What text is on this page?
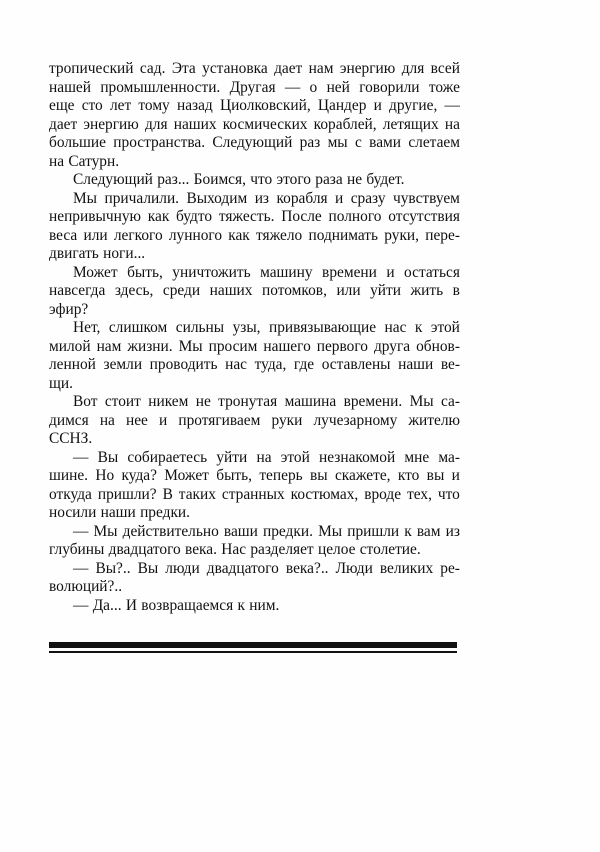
тропический сад. Эта установка дает нам энергию для всей
нашей промышленности. Другая — о ней говорили тоже
еще сто лет тому назад Циолковский, Цандер и другие, —
дает энергию для наших космических кораблей, летящих на
большие пространства. Следующий раз мы с вами слетаем
на Сатурн.
Следующий раз... Боимся, что этого раза не будет.
Мы причалили. Выходим из корабля и сразу чувствуем
непривычную как будто тяжесть. После полного отсутствия
веса или легкого лунного как тяжело поднимать руки, пере-
двигать ноги...
Может быть, уничтожить машину времени и остаться
навсегда здесь, среди наших потомков, или уйти жить в
эфир?
Нет, слишком сильны узы, привязывающие нас к этой
милой нам жизни. Мы просим нашего первого друга обнов-
ленной земли проводить нас туда, где оставлены наши ве-
щи.
Вот стоит никем не тронутая машина времени. Мы са-
димся на нее и протягиваем руки лучезарному жителю
ССНЗ.
— Вы собираетесь уйти на этой незнакомой мне ма-
шине. Но куда? Может быть, теперь вы скажете, кто вы и
откуда пришли? В таких странных костюмах, вроде тех, что
носили наши предки.
— Мы действительно ваши предки. Мы пришли к вам из
глубины двадцатого века. Нас разделяет целое столетие.
— Вы?.. Вы люди двадцатого века?.. Люди великих ре-
волюций?..
— Да... И возвращаемся к ним.
